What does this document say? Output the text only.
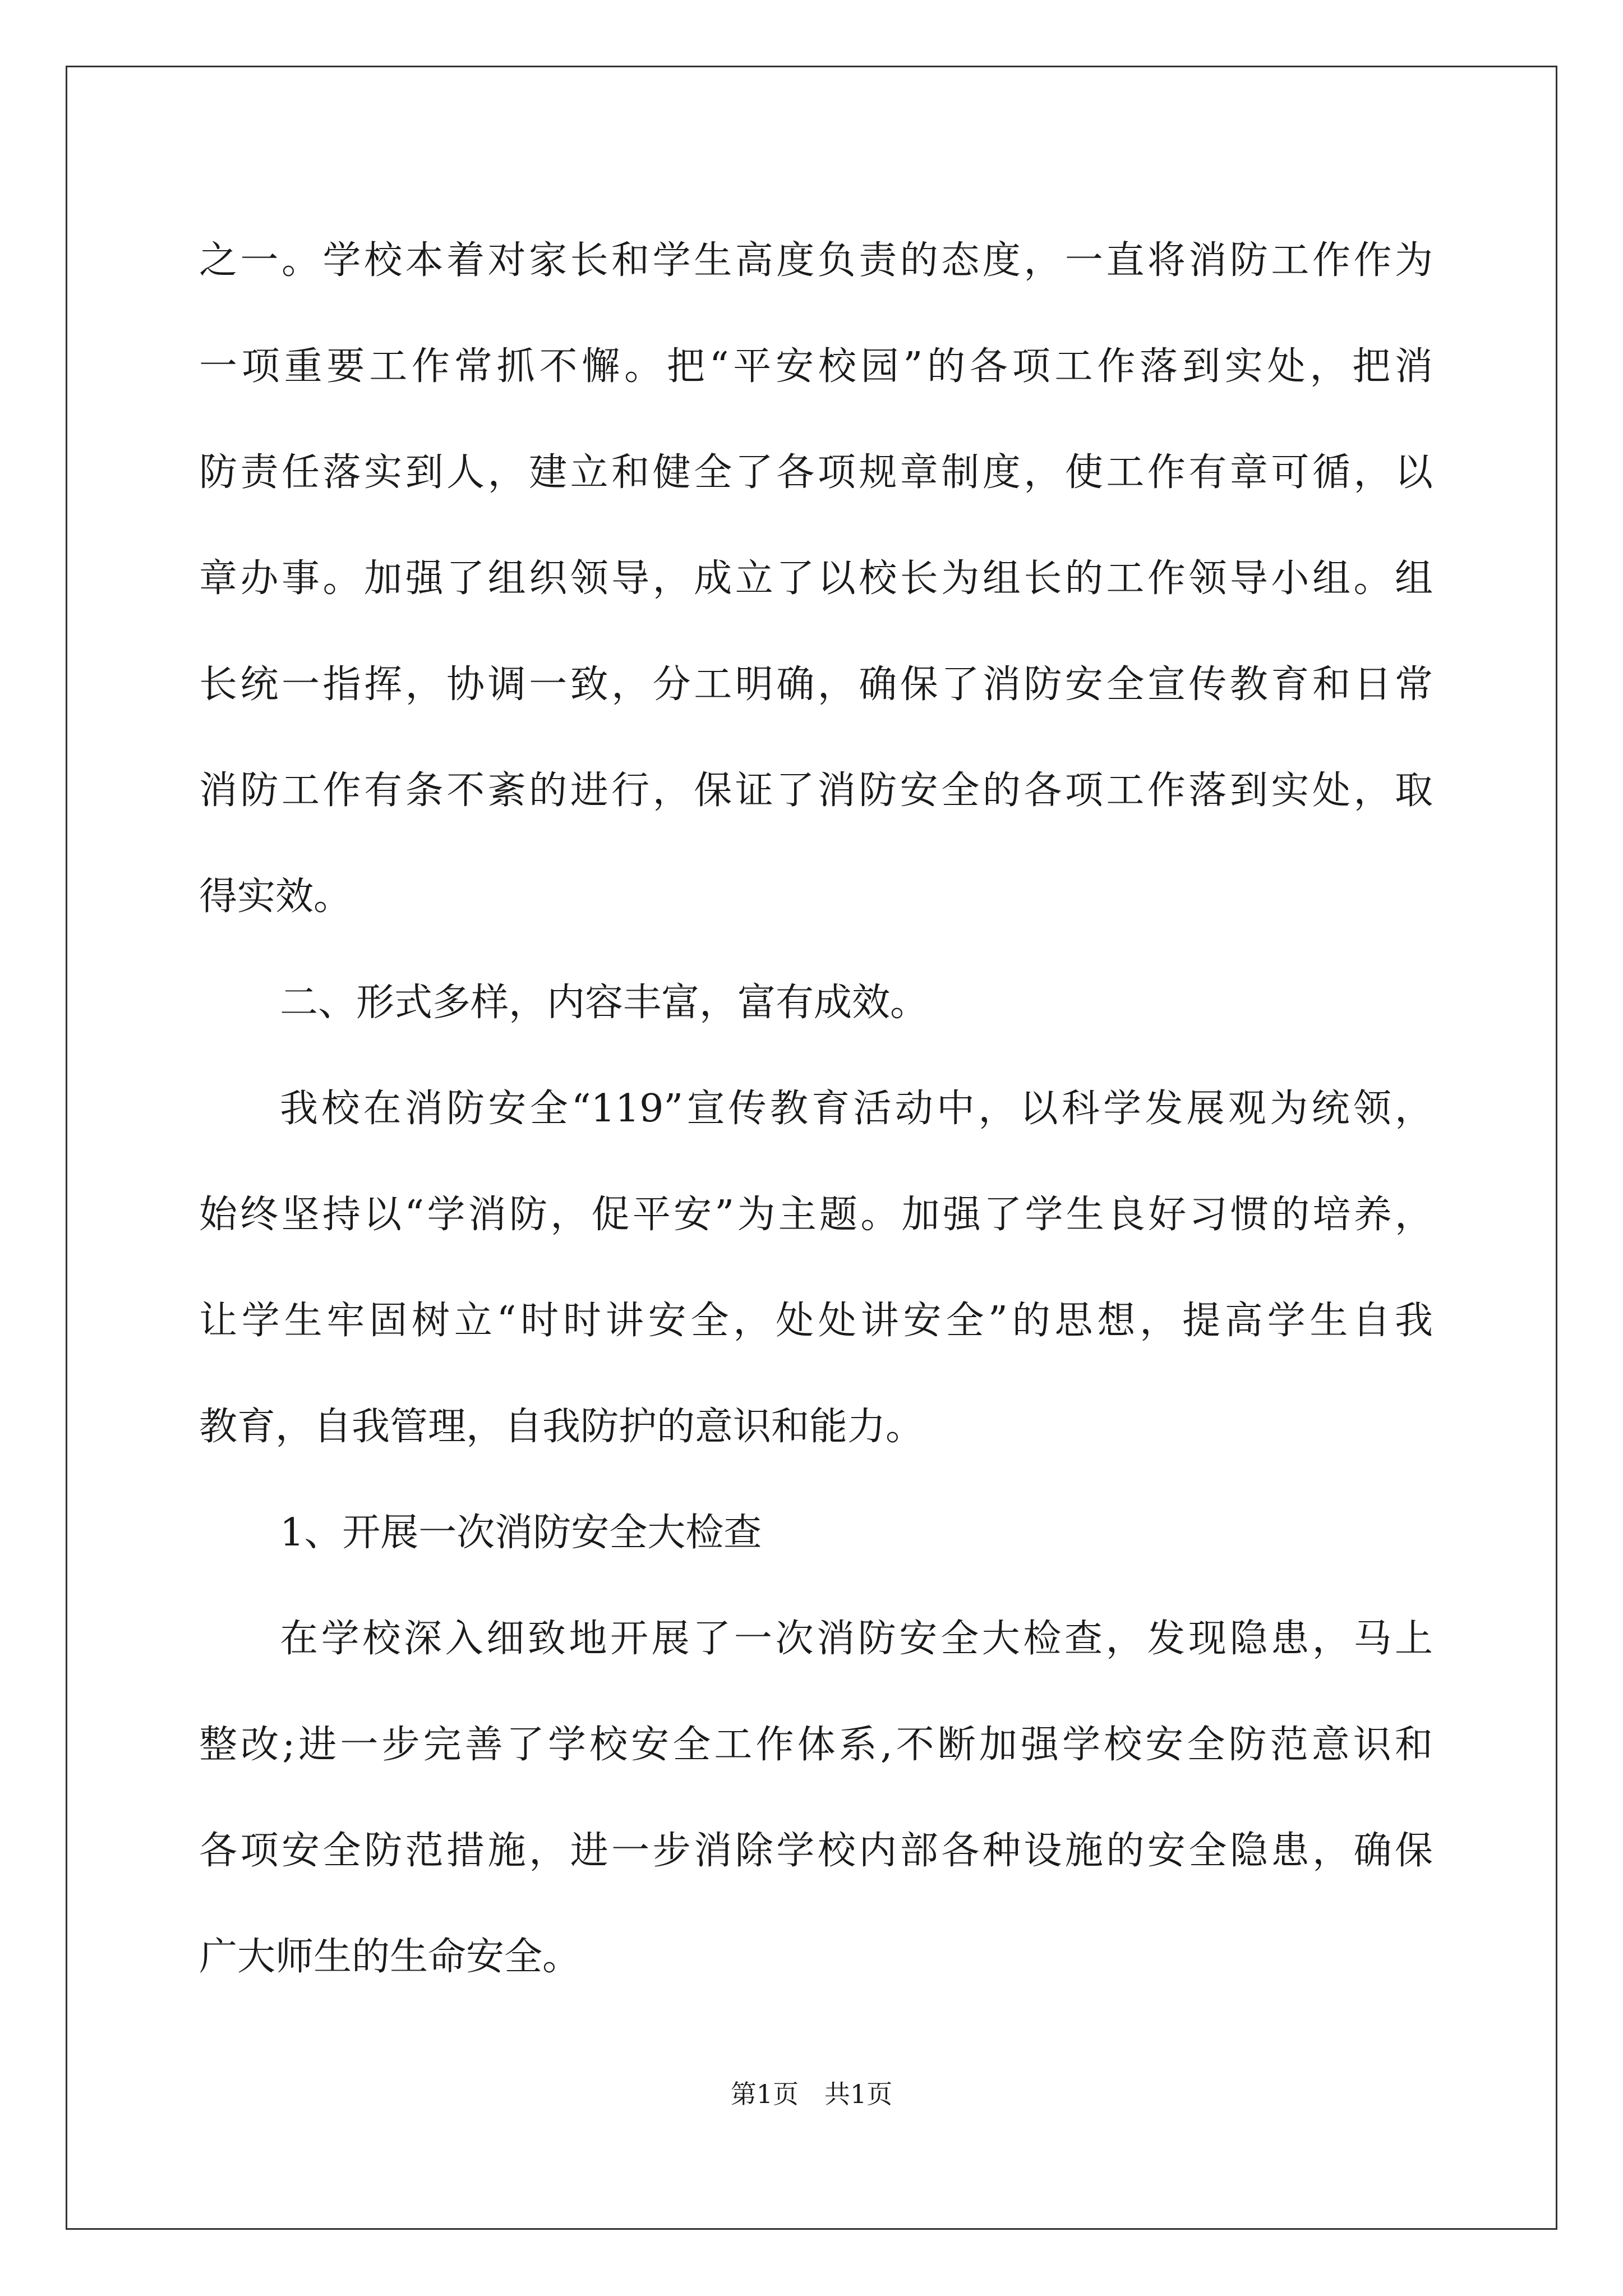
之一。学校本着对家长和学生高度负责的态度，一直将消防工作作为
一项重要工作常抓不懈。把“平安校园”的各项工作落到实处，把消
防责任落实到人，建立和健全了各项规章制度，使工作有章可循，以
章办事。加强了组织领导，成立了以校长为组长的工作领导小组。组
长统一指挥，协调一致，分工明确，确保了消防安全宣传教育和日常
消防工作有条不紊的进行，保证了消防安全的各项工作落到实处，取
得实效。
二、形式多样，内容丰富，富有成效。
我校在消防安全“119”宣传教育活动中，以科学发展观为统领，
始终坚持以“学消防，促平安”为主题。加强了学生良好习惯的培养，
让学生牢固树立“时时讲安全，处处讲安全”的思想，提高学生自我
教育，自我管理，自我防护的意识和能力。
1、开展一次消防安全大检查
在学校深入细致地开展了一次消防安全大检查，发现隐患，马上
整改;进一步完善了学校安全工作体系,不断加强学校安全防范意识和
各项安全防范措施，进一步消除学校内部各种设施的安全隐患，确保
广大师生的生命安全。
第1页　共1页
